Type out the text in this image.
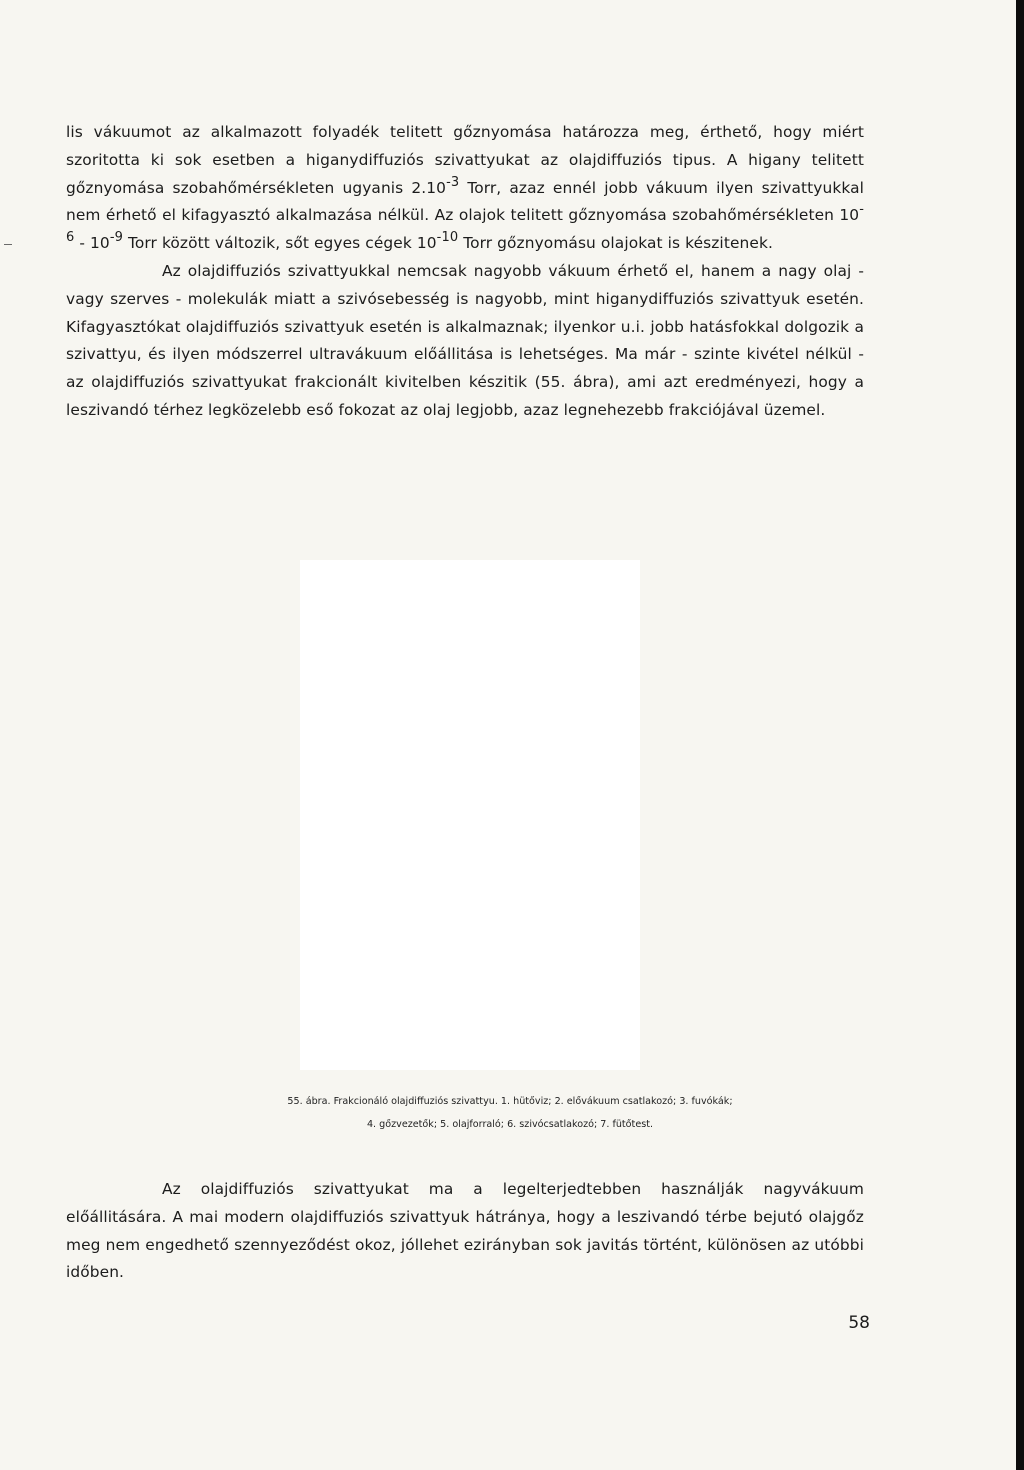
lis vákuumot az alkalmazott folyadék telitett gőznyomása határozza meg, érthető, hogy miért szoritotta ki sok esetben a higanydiffuziós szivattyukat az olajdiffuziós tipus. A higany telitett gőznyomása szobahőmérsékleten ugyanis $2.10^{-3}$ Torr, azaz ennél jobb vákuum ilyen szivattyukkal nem érhető el kifagyasztó alkalmazása nélkül. Az olajok telitett gőznyomása szobahőmérsékleten $10^{-6} - 10^{-9}$ Torr között változik, sőt egyes cégek $10^{-10}$ Torr gőznyomásu olajokat is készitenek.

Az olajdiffuziós szivattyukkal nemcsak nagyobb vákuum érhető el, hanem a nagy olaj - vagy szerves - molekulák miatt a szivósebesség is nagyobb, mint higanydiffuziós szivattyuk esetén. Kifagyasztókat olajdiffuziós szivattyuk esetén is alkalmaznak; ilyenkor u.i. jobb hatásfokkal dolgozik a szivattyu, és ilyen módszerrel ultravákuum előállitása is lehetséges. Ma már - szinte kivétel nélkül - az olajdiffuziós szivattyukat frakcionált kivitelben készitik (55. ábra), ami azt eredményezi, hogy a leszivandó térhez legközelebb eső fokozat az olaj legjobb, azaz legnehezebb frakciójával üzemel.

55. ábra. Frakcionáló olajdiffuziós szivattyu. 1. hütőviz; 2. elővákuum csatlakozó; 3. fuvókák;
4. gőzvezetők; 5. olajforraló; 6. szivócsatlakozó; 7. fütőtest.

Az olajdiffuziós szivattyukat ma a legelterjedtebben használják nagyvákuum előállitására. A mai modern olajdiffuziós szivattyuk hátránya, hogy a leszivandó térbe bejutó olajgőz meg nem engedhető szennyeződést okoz, jóllehet ezirányban sok javitás történt, különösen az utóbbi időben.

58
